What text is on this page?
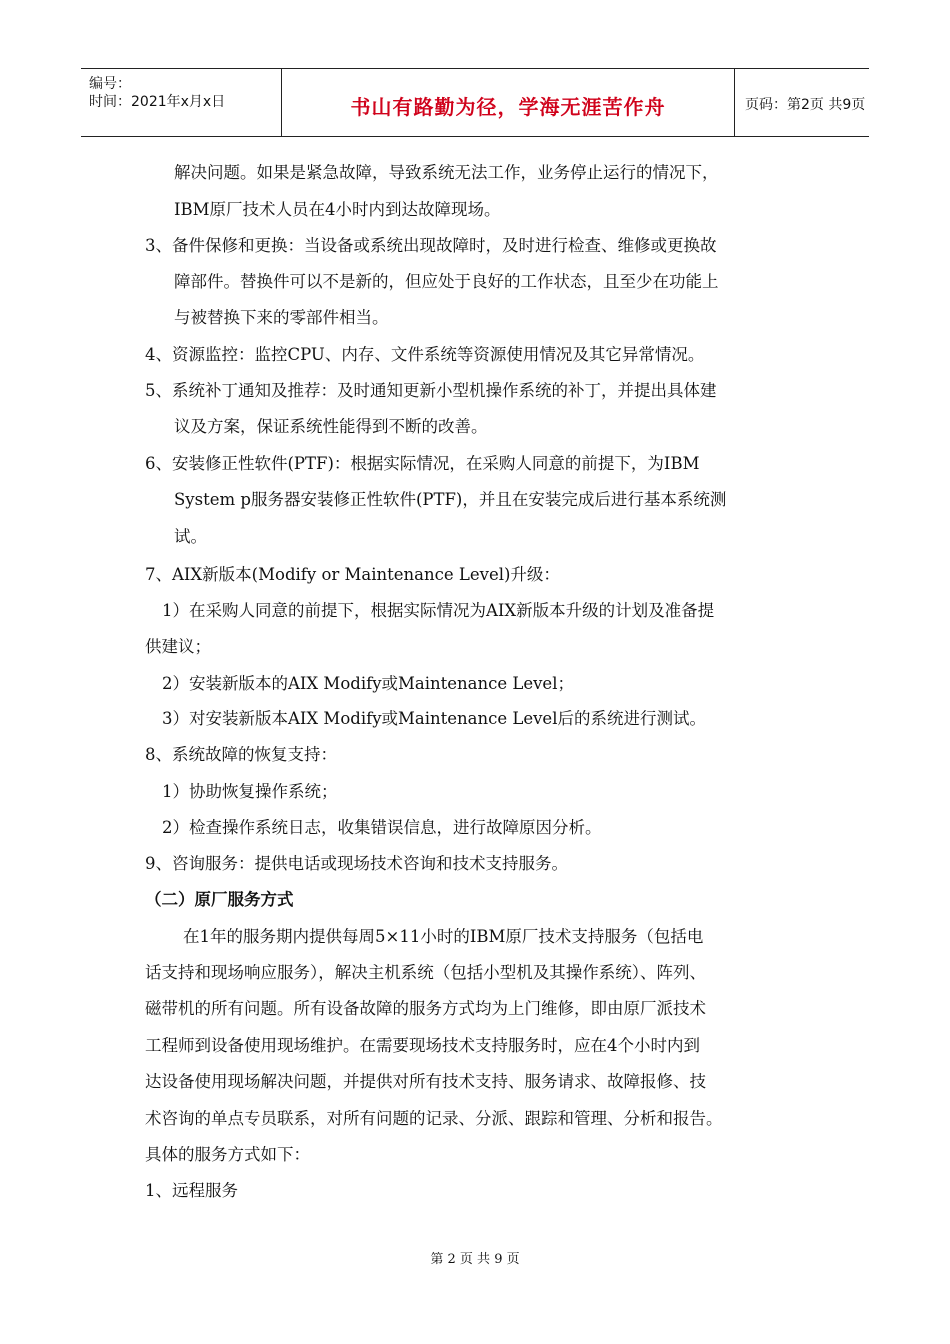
编号：
时间：2021年x月x日	书山有路勤为径，学海无涯苦作舟	页码：第2页 共9页
解决问题。如果是紧急故障，导致系统无法工作，业务停止运行的情况下，
IBM原厂技术人员在4小时内到达故障现场。
3、备件保修和更换：当设备或系统出现故障时，及时进行检查、维修或更换故
障部件。替换件可以不是新的，但应处于良好的工作状态，且至少在功能上
与被替换下来的零部件相当。
4、资源监控：监控CPU、内存、文件系统等资源使用情况及其它异常情况。
5、系统补丁通知及推荐：及时通知更新小型机操作系统的补丁，并提出具体建
议及方案，保证系统性能得到不断的改善。
6、安装修正性软件(PTF)：根据实际情况，在采购人同意的前提下，为IBM
System p服务器安装修正性软件(PTF)，并且在安装完成后进行基本系统测
试。
7、AIX新版本(Modify or Maintenance Level)升级：
1）在采购人同意的前提下，根据实际情况为AIX新版本升级的计划及准备提
供建议；
2）安装新版本的AIX Modify或Maintenance Level；
3）对安装新版本AIX Modify或Maintenance Level后的系统进行测试。
8、系统故障的恢复支持：
1）协助恢复操作系统；
2）检查操作系统日志，收集错误信息，进行故障原因分析。
9、咨询服务：提供电话或现场技术咨询和技术支持服务。
（二）原厂服务方式
在1年的服务期内提供每周5×11小时的IBM原厂技术支持服务（包括电
话支持和现场响应服务），解决主机系统（包括小型机及其操作系统）、阵列、
磁带机的所有问题。所有设备故障的服务方式均为上门维修，即由原厂派技术
工程师到设备使用现场维护。在需要现场技术支持服务时，应在4个小时内到
达设备使用现场解决问题，并提供对所有技术支持、服务请求、故障报修、技
术咨询的单点专员联系，对所有问题的记录、分派、跟踪和管理、分析和报告。
具体的服务方式如下：
1、远程服务
第 2 页 共 9 页
